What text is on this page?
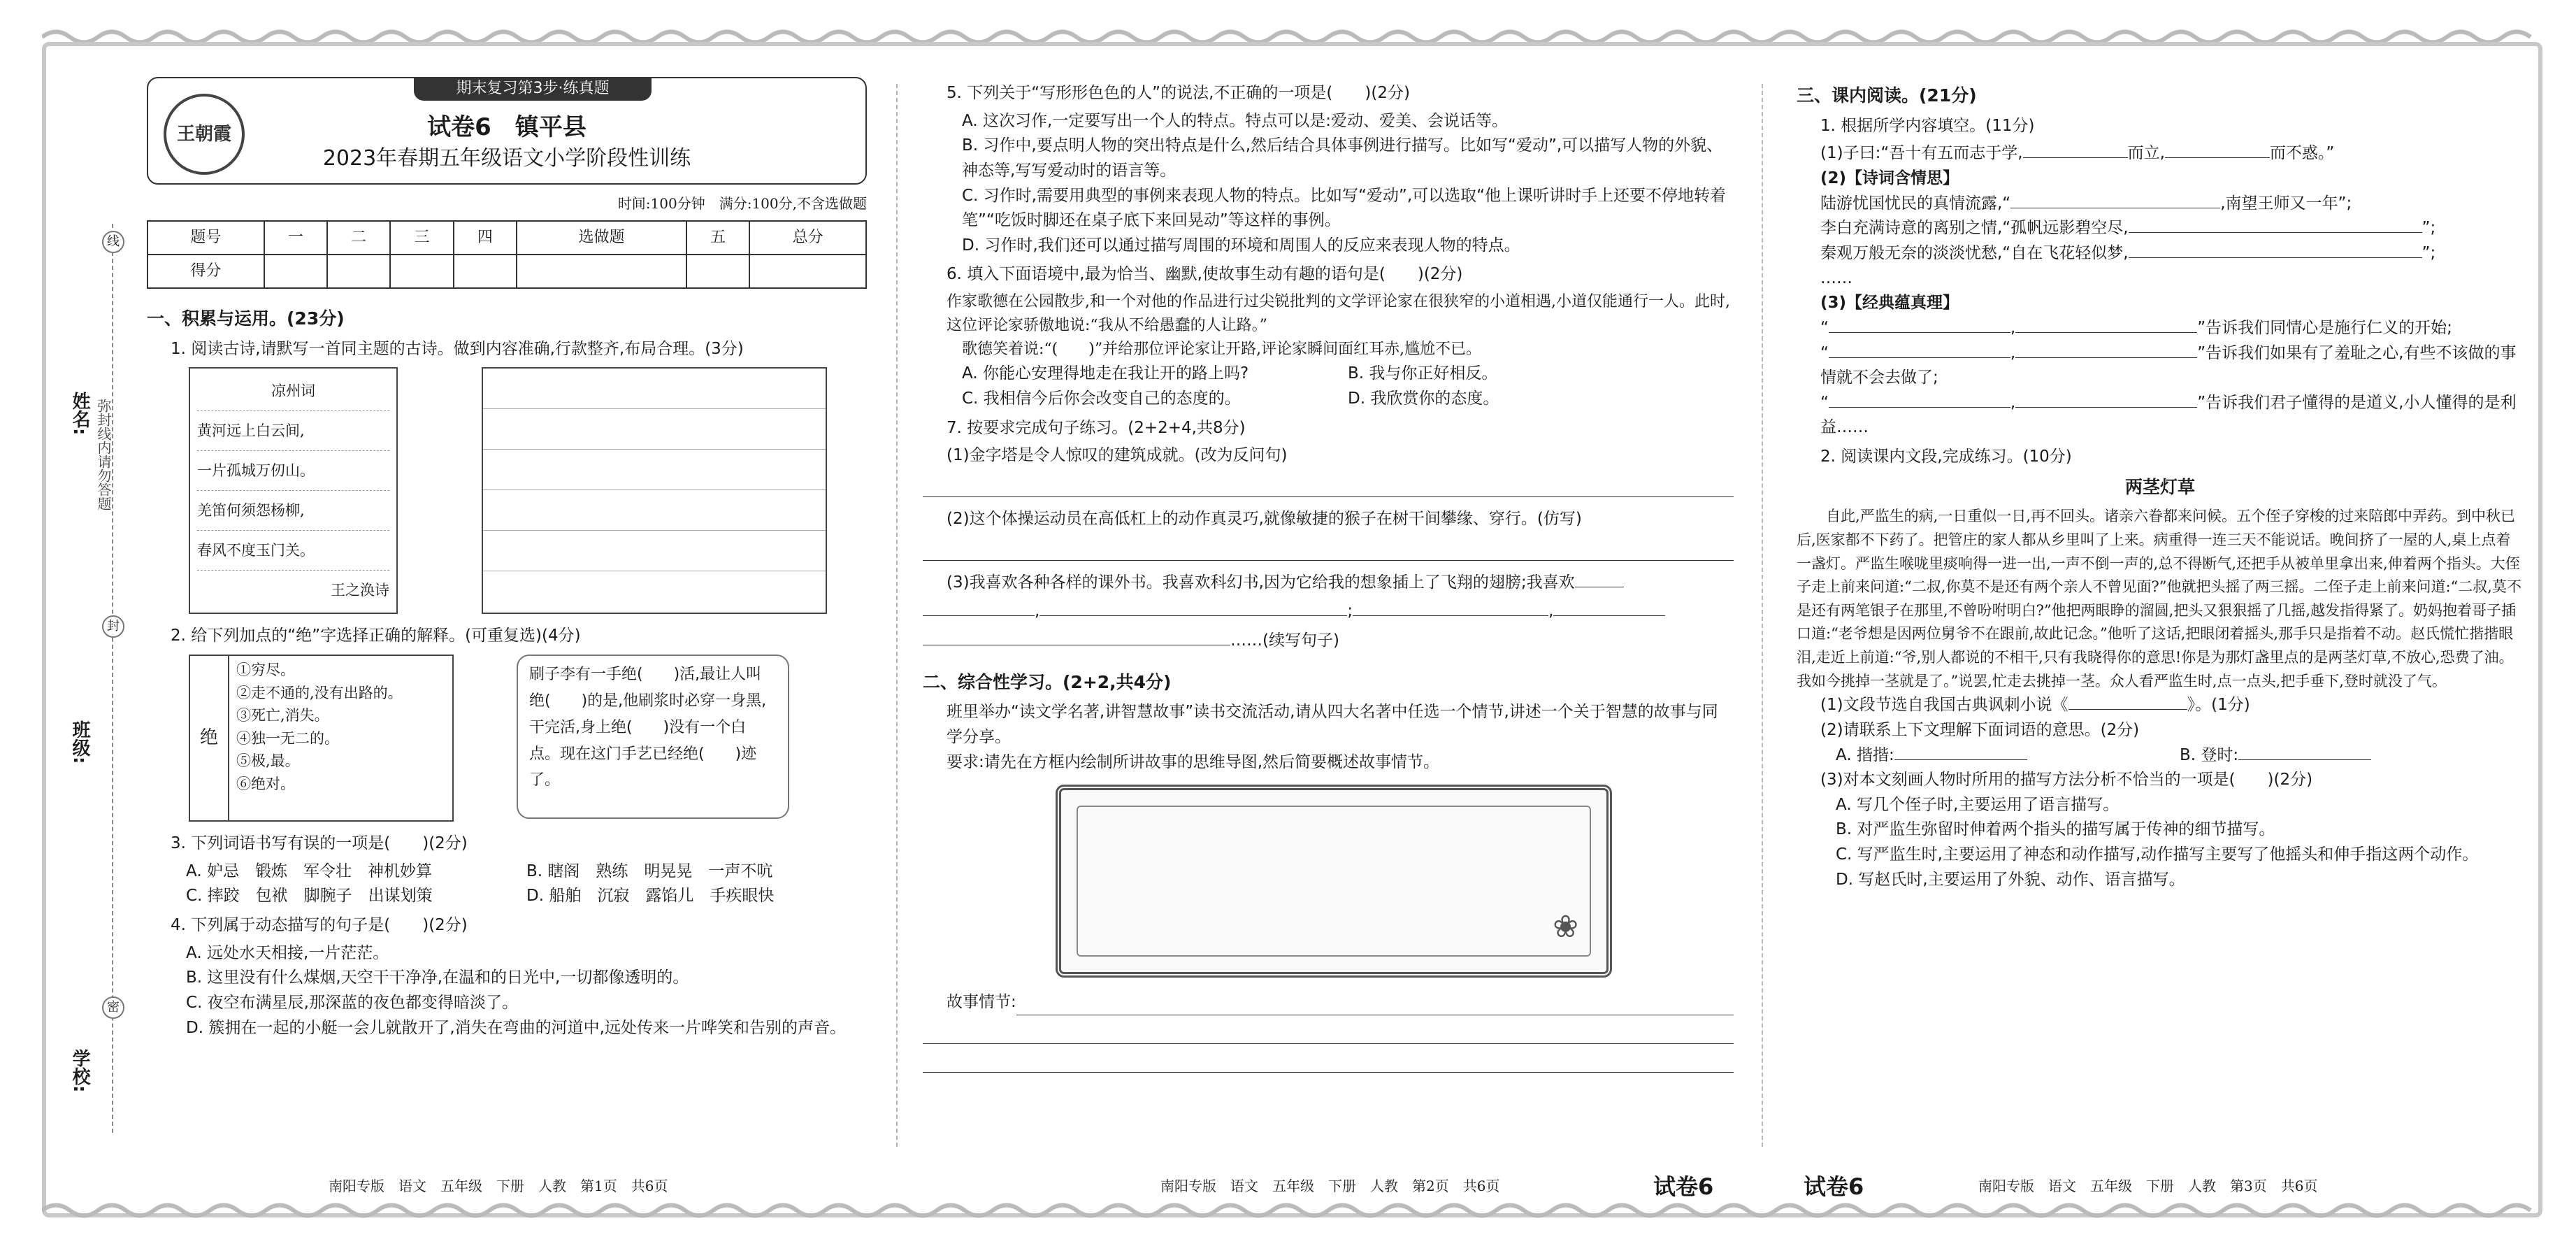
姓名:
班级:
学校:
线
封
密
弥封线内请勿答题
期末复习第3步·练真题
王朝霞	试卷6　镇平县
2023年春期五年级语文小学阶段性训练
时间:100分钟　满分:100分,不含选做题
题号	一	二	三	四	选做题	五	总分
得分							
一、积累与运用。(23分)
1. 阅读古诗,请默写一首同主题的古诗。做到内容准确,行款整齐,布局合理。(3分)
凉州词
黄河远上白云间,
一片孤城万仞山。
羌笛何须怨杨柳,
春风不度玉门关。
王之涣诗
2. 给下列加点的“绝”字选择正确的解释。(可重复选)(4分)
绝
①穷尽。
②走不通的,没有出路的。
③死亡,消失。
④独一无二的。
⑤极,最。
⑥绝对。
刷子李有一手绝(　　)活,最让人叫绝(　　)的是,他刷浆时必穿一身黑,干完活,身上绝(　　)没有一个白点。现在这门手艺已经绝(　　)迹了。
3. 下列词语书写有误的一项是(　　)(2分)
A. 妒忌　锻炼　军令壮　神机妙算	B. 瞎阁　熟练　明晃晃　一声不吭
C. 摔跤　包袱　脚腕子　出谋划策	D. 船舶　沉寂　露馅儿　手疾眼快
4. 下列属于动态描写的句子是(　　)(2分)
A. 远处水天相接,一片茫茫。
B. 这里没有什么煤烟,天空干干净净,在温和的日光中,一切都像透明的。
C. 夜空布满星辰,那深蓝的夜色都变得暗淡了。
D. 簇拥在一起的小艇一会儿就散开了,消失在弯曲的河道中,远处传来一片哗笑和告别的声音。
5. 下列关于“写形形色色的人”的说法,不正确的一项是(　　)(2分)
A. 这次习作,一定要写出一个人的特点。特点可以是:爱动、爱美、会说话等。
B. 习作中,要点明人物的突出特点是什么,然后结合具体事例进行描写。比如写“爱动”,可以描写人物的外貌、神态等,写写爱动时的语言等。
C. 习作时,需要用典型的事例来表现人物的特点。比如写“爱动”,可以选取“他上课听讲时手上还要不停地转着笔”“吃饭时脚还在桌子底下来回晃动”等这样的事例。
D. 习作时,我们还可以通过描写周围的环境和周围人的反应来表现人物的特点。
6. 填入下面语境中,最为恰当、幽默,使故事生动有趣的语句是(　　)(2分)
作家歌德在公园散步,和一个对他的作品进行过尖锐批判的文学评论家在很狭窄的小道相遇,小道仅能通行一人。此时,这位评论家骄傲地说:“我从不给愚蠢的人让路。”
歌德笑着说:“(　　)”并给那位评论家让开路,评论家瞬间面红耳赤,尴尬不已。
A. 你能心安理得地走在我让开的路上吗?	B. 我与你正好相反。
C. 我相信今后你会改变自己的态度的。	D. 我欣赏你的态度。
7. 按要求完成句子练习。(2+2+4,共8分)
(1)金字塔是令人惊叹的建筑成就。(改为反问句)
(2)这个体操运动员在高低杠上的动作真灵巧,就像敏捷的猴子在树干间攀缘、穿行。(仿写)
(3)我喜欢各种各样的课外书。我喜欢科幻书,因为它给我的想象插上了飞翔的翅膀;我喜欢
,	;	,
……(续写句子)
二、综合性学习。(2+2,共4分)
班里举办“读文学名著,讲智慧故事”读书交流活动,请从四大名著中任选一个情节,讲述一个关于智慧的故事与同学分享。
要求:请先在方框内绘制所讲故事的思维导图,然后简要概述故事情节。
❀
故事情节:
三、课内阅读。(21分)
1. 根据所学内容填空。(11分)
(1)子曰:“吾十有五而志于学,	而立,	而不惑。”
(2)【诗词含情思】
陆游忧国忧民的真情流露,“	,南望王师又一年”;
李白充满诗意的离别之情,“孤帆远影碧空尽,	”;
秦观万般无奈的淡淡忧愁,“自在飞花轻似梦,	”;
……
(3)【经典蕴真理】
“	,	”告诉我们同情心是施行仁义的开始;
“	,	”告诉我们如果有了羞耻之心,有些不该做的事情就不会去做了;
“	,	”告诉我们君子懂得的是道义,小人懂得的是利益……
2. 阅读课内文段,完成练习。(10分)
两茎灯草
自此,严监生的病,一日重似一日,再不回头。诸亲六眷都来问候。五个侄子穿梭的过来陪郎中弄药。到中秋已后,医家都不下药了。把管庄的家人都从乡里叫了上来。病重得一连三天不能说话。晚间挤了一屋的人,桌上点着一盏灯。严监生喉咙里痰响得一进一出,一声不倒一声的,总不得断气,还把手从被单里拿出来,伸着两个指头。大侄子走上前来问道:“二叔,你莫不是还有两个亲人不曾见面?”他就把头摇了两三摇。二侄子走上前来问道:“二叔,莫不是还有两笔银子在那里,不曾吩咐明白?”他把两眼睁的溜圆,把头又狠狠摇了几摇,越发指得紧了。奶妈抱着哥子插口道:“老爷想是因两位舅爷不在跟前,故此记念。”他听了这话,把眼闭着摇头,那手只是指着不动。赵氏慌忙揩揩眼泪,走近上前道:“爷,别人都说的不相干,只有我晓得你的意思!你是为那灯盏里点的是两茎灯草,不放心,恐费了油。我如今挑掉一茎就是了。”说罢,忙走去挑掉一茎。众人看严监生时,点一点头,把手垂下,登时就没了气。
(1)文段节选自我国古典讽刺小说《	》。(1分)
(2)请联系上下文理解下面词语的意思。(2分)
A. 揩揩:	B. 登时:
(3)对本文刻画人物时所用的描写方法分析不恰当的一项是(　　)(2分)
A. 写几个侄子时,主要运用了语言描写。
B. 对严监生弥留时伸着两个指头的描写属于传神的细节描写。
C. 写严监生时,主要运用了神态和动作描写,动作描写主要写了他摇头和伸手指这两个动作。
D. 写赵氏时,主要运用了外貌、动作、语言描写。
南阳专版　语文　五年级　下册　人教　第1页　共6页	南阳专版　语文　五年级　下册　人教　第2页　共6页	试卷6	试卷6	南阳专版　语文　五年级　下册　人教　第3页　共6页
